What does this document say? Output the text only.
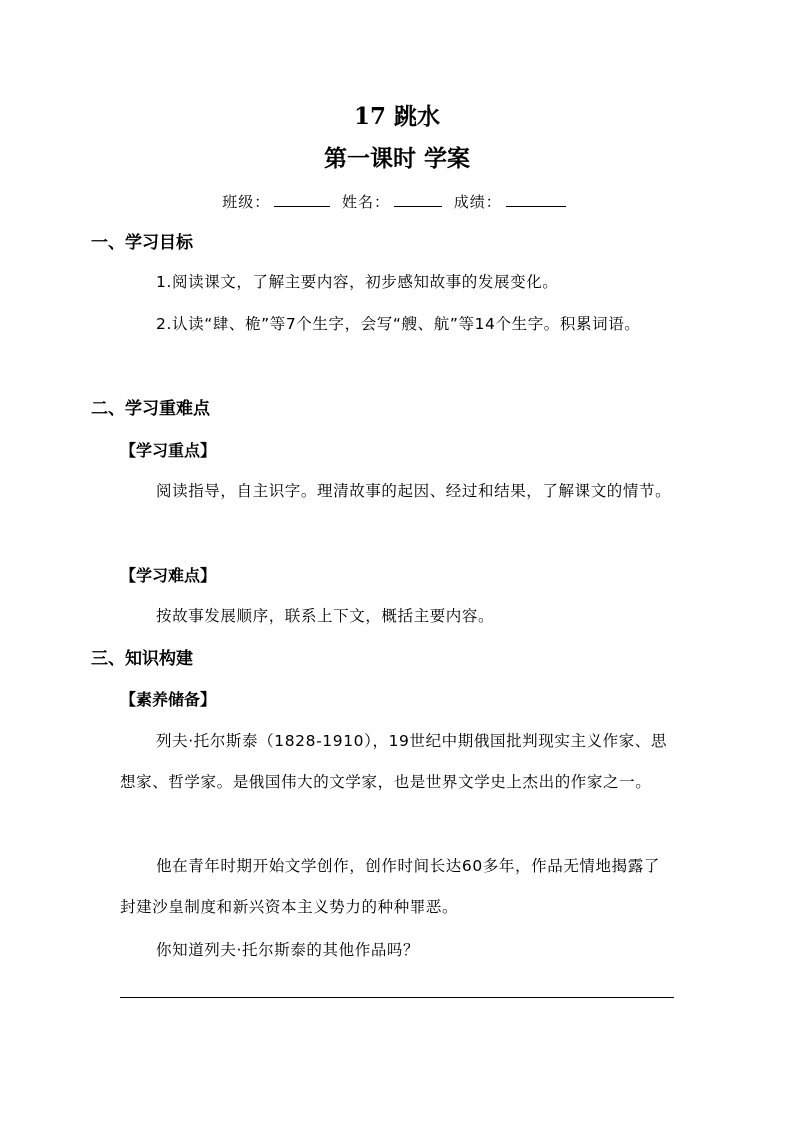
17 跳水
第一课时 学案
班级：	姓名：	成绩：
一、学习目标

1.阅读课文，了解主要内容，初步感知故事的发展变化。

2.认读“肆、桅”等7个生字，会写“艘、航”等14个生字。积累词语。

二、学习重难点
【学习重点】

阅读指导，自主识字。理清故事的起因、经过和结果，了解课文的情节。

【学习难点】

按故事发展顺序，联系上下文，概括主要内容。

三、知识构建
【素养储备】

列夫·托尔斯泰（1828-1910），19世纪中期俄国批判现实主义作家、思想家、哲学家。是俄国伟大的文学家，也是世界文学史上杰出的作家之一。

他在青年时期开始文学创作，创作时间长达60多年，作品无情地揭露了封建沙皇制度和新兴资本主义势力的种种罪恶。

你知道列夫·托尔斯泰的其他作品吗？
